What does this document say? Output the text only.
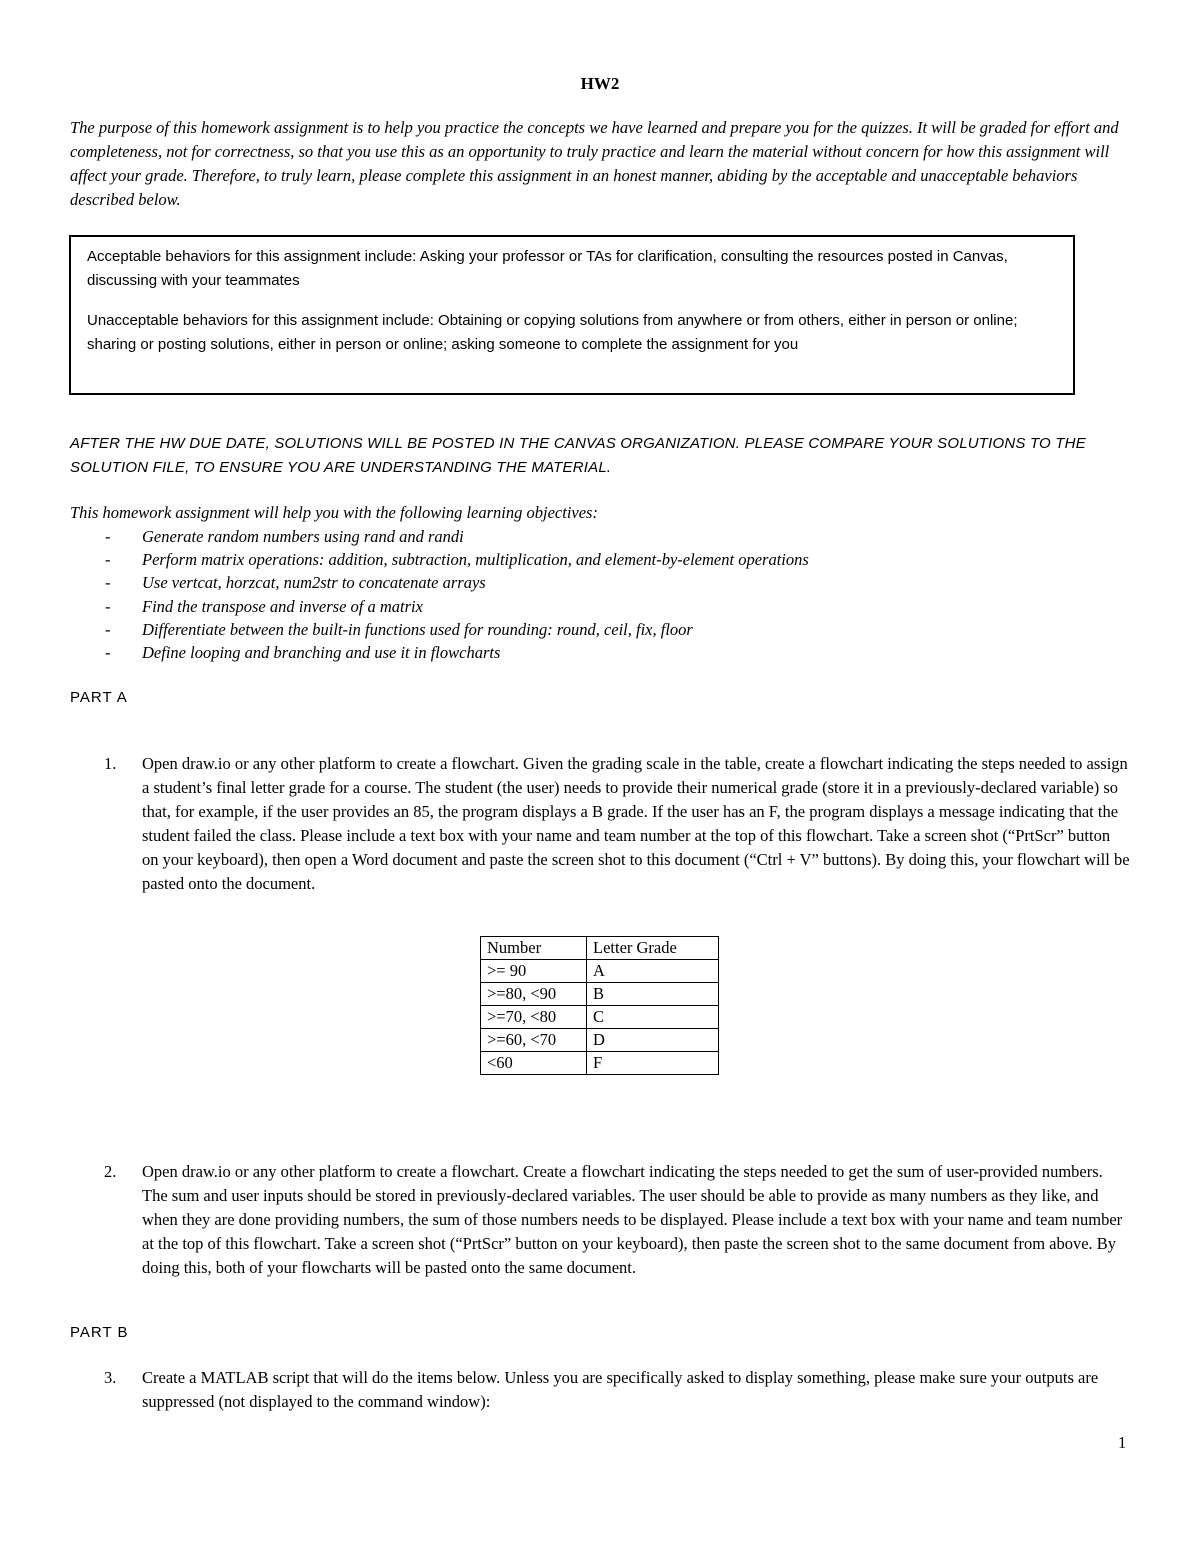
HW2
The purpose of this homework assignment is to help you practice the concepts we have learned and prepare you for the quizzes. It will be graded for effort and completeness, not for correctness, so that you use this as an opportunity to truly practice and learn the material without concern for how this assignment will affect your grade. Therefore, to truly learn, please complete this assignment in an honest manner, abiding by the acceptable and unacceptable behaviors described below.

Acceptable behaviors for this assignment include: Asking your professor or TAs for clarification, consulting the resources posted in Canvas, discussing with your teammates

Unacceptable behaviors for this assignment include: Obtaining or copying solutions from anywhere or from others, either in person or online; sharing or posting solutions, either in person or online; asking someone to complete the assignment for you

AFTER THE HW DUE DATE, SOLUTIONS WILL BE POSTED IN THE CANVAS ORGANIZATION. PLEASE COMPARE YOUR SOLUTIONS TO THE SOLUTION FILE, TO ENSURE YOU ARE UNDERSTANDING THE MATERIAL.
This homework assignment will help you with the following learning objectives:
- Generate random numbers using rand and randi
- Perform matrix operations: addition, subtraction, multiplication, and element-by-element operations
- Use vertcat, horzcat, num2str to concatenate arrays
- Find the transpose and inverse of a matrix
- Differentiate between the built-in functions used for rounding: round, ceil, fix, floor
- Define looping and branching and use it in flowcharts
PART A
1. Open draw.io or any other platform to create a flowchart. Given the grading scale in the table, create a flowchart indicating the steps needed to assign a student’s final letter grade for a course. The student (the user) needs to provide their numerical grade (store it in a previously-declared variable) so that, for example, if the user provides an 85, the program displays a B grade. If the user has an F, the program displays a message indicating that the student failed the class. Please include a text box with your name and team number at the top of this flowchart. Take a screen shot (“PrtScr” button on your keyboard), then open a Word document and paste the screen shot to this document (“Ctrl + V” buttons). By doing this, your flowchart will be pasted onto the document.
Number	Letter Grade
>= 90	A
>=80, <90	B
>=70, <80	C
>=60, <70	D
<60	F
2. Open draw.io or any other platform to create a flowchart. Create a flowchart indicating the steps needed to get the sum of user-provided numbers. The sum and user inputs should be stored in previously-declared variables. The user should be able to provide as many numbers as they like, and when they are done providing numbers, the sum of those numbers needs to be displayed. Please include a text box with your name and team number at the top of this flowchart. Take a screen shot (“PrtScr” button on your keyboard), then paste the screen shot to the same document from above. By doing this, both of your flowcharts will be pasted onto the same document.
PART B
3. Create a MATLAB script that will do the items below. Unless you are specifically asked to display something, please make sure your outputs are suppressed (not displayed to the command window):
1
